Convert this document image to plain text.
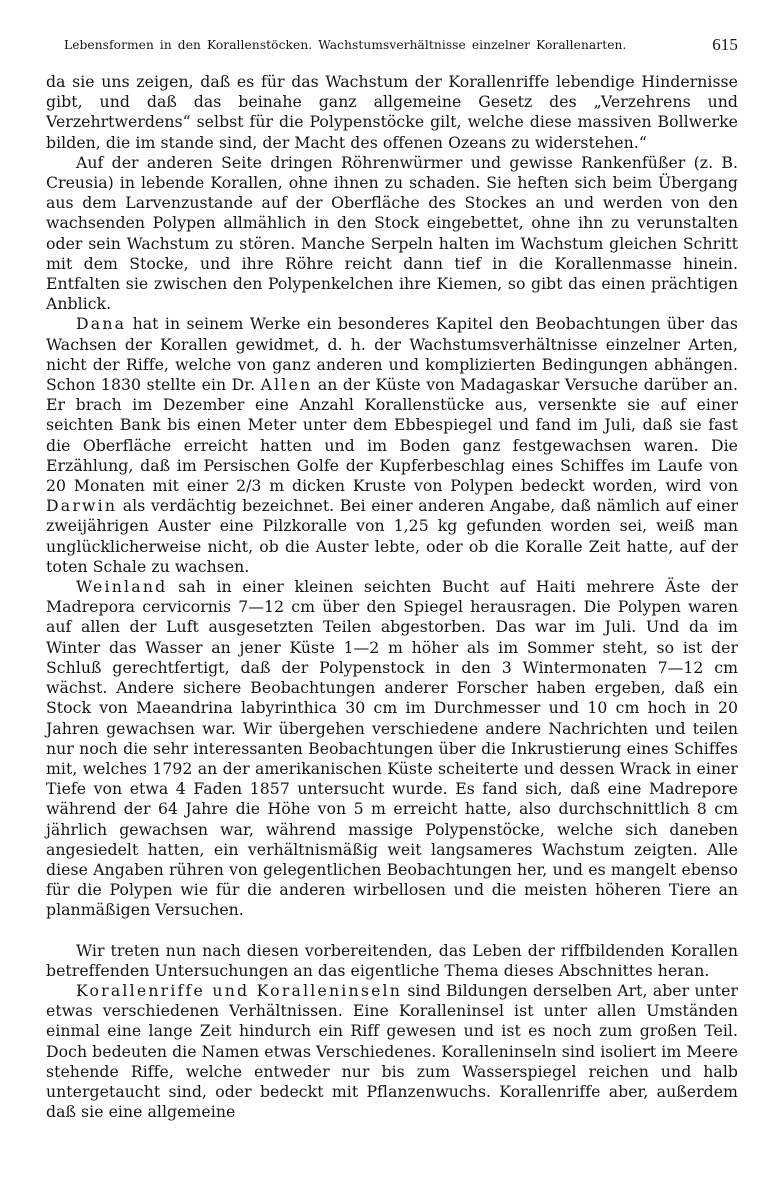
Lebensformen in den Korallenstöcken. Wachstumsverhältnisse einzelner Korallenarten.	615

da sie uns zeigen, daß es für das Wachstum der Korallenriffe lebendige Hindernisse gibt, und daß das beinahe ganz allgemeine Gesetz des „Verzehrens und Verzehrtwerdens“ selbst für die Polypenstöcke gilt, welche diese massiven Bollwerke bilden, die im stande sind, der Macht des offenen Ozeans zu widerstehen.“

Auf der anderen Seite dringen Röhrenwürmer und gewisse Rankenfüßer (z. B. Creusia) in lebende Korallen, ohne ihnen zu schaden. Sie heften sich beim Übergang aus dem Larvenzustande auf der Oberfläche des Stockes an und werden von den wachsenden Polypen allmählich in den Stock eingebettet, ohne ihn zu verunstalten oder sein Wachstum zu stören. Manche Serpeln halten im Wachstum gleichen Schritt mit dem Stocke, und ihre Röhre reicht dann tief in die Korallenmasse hinein. Entfalten sie zwischen den Polypenkelchen ihre Kiemen, so gibt das einen prächtigen Anblick.

Dana hat in seinem Werke ein besonderes Kapitel den Beobachtungen über das Wachsen der Korallen gewidmet, d. h. der Wachstumsverhältnisse einzelner Arten, nicht der Riffe, welche von ganz anderen und komplizierten Bedingungen abhängen. Schon 1830 stellte ein Dr. Allen an der Küste von Madagaskar Versuche darüber an. Er brach im Dezember eine Anzahl Korallenstücke aus, versenkte sie auf einer seichten Bank bis einen Meter unter dem Ebbespiegel und fand im Juli, daß sie fast die Oberfläche erreicht hatten und im Boden ganz festgewachsen waren. Die Erzählung, daß im Persischen Golfe der Kupferbeschlag eines Schiffes im Laufe von 20 Monaten mit einer 2/3 m dicken Kruste von Polypen bedeckt worden, wird von Darwin als verdächtig bezeichnet. Bei einer anderen Angabe, daß nämlich auf einer zweijährigen Auster eine Pilzkoralle von 1,25 kg gefunden worden sei, weiß man unglücklicherweise nicht, ob die Auster lebte, oder ob die Koralle Zeit hatte, auf der toten Schale zu wachsen.

Weinland sah in einer kleinen seichten Bucht auf Haiti mehrere Äste der Madrepora cervicornis 7—12 cm über den Spiegel herausragen. Die Polypen waren auf allen der Luft ausgesetzten Teilen abgestorben. Das war im Juli. Und da im Winter das Wasser an jener Küste 1—2 m höher als im Sommer steht, so ist der Schluß gerechtfertigt, daß der Polypenstock in den 3 Wintermonaten 7—12 cm wächst. Andere sichere Beobachtungen anderer Forscher haben ergeben, daß ein Stock von Maeandrina labyrinthica 30 cm im Durchmesser und 10 cm hoch in 20 Jahren gewachsen war. Wir übergehen verschiedene andere Nachrichten und teilen nur noch die sehr interessanten Beobachtungen über die Inkrustierung eines Schiffes mit, welches 1792 an der amerikanischen Küste scheiterte und dessen Wrack in einer Tiefe von etwa 4 Faden 1857 untersucht wurde. Es fand sich, daß eine Madrepore während der 64 Jahre die Höhe von 5 m erreicht hatte, also durchschnittlich 8 cm jährlich gewachsen war, während massige Polypenstöcke, welche sich daneben angesiedelt hatten, ein verhältnismäßig weit langsameres Wachstum zeigten. Alle diese Angaben rühren von gelegentlichen Beobachtungen her, und es mangelt ebenso für die Polypen wie für die anderen wirbellosen und die meisten höheren Tiere an planmäßigen Versuchen.

Wir treten nun nach diesen vorbereitenden, das Leben der riffbildenden Korallen betreffenden Untersuchungen an das eigentliche Thema dieses Abschnittes heran.

Korallenriffe und Koralleninseln sind Bildungen derselben Art, aber unter etwas verschiedenen Verhältnissen. Eine Koralleninsel ist unter allen Umständen einmal eine lange Zeit hindurch ein Riff gewesen und ist es noch zum großen Teil. Doch bedeuten die Namen etwas Verschiedenes. Koralleninseln sind isoliert im Meere stehende Riffe, welche entweder nur bis zum Wasserspiegel reichen und halb untergetaucht sind, oder bedeckt mit Pflanzenwuchs. Korallenriffe aber, außerdem daß sie eine allgemeine
